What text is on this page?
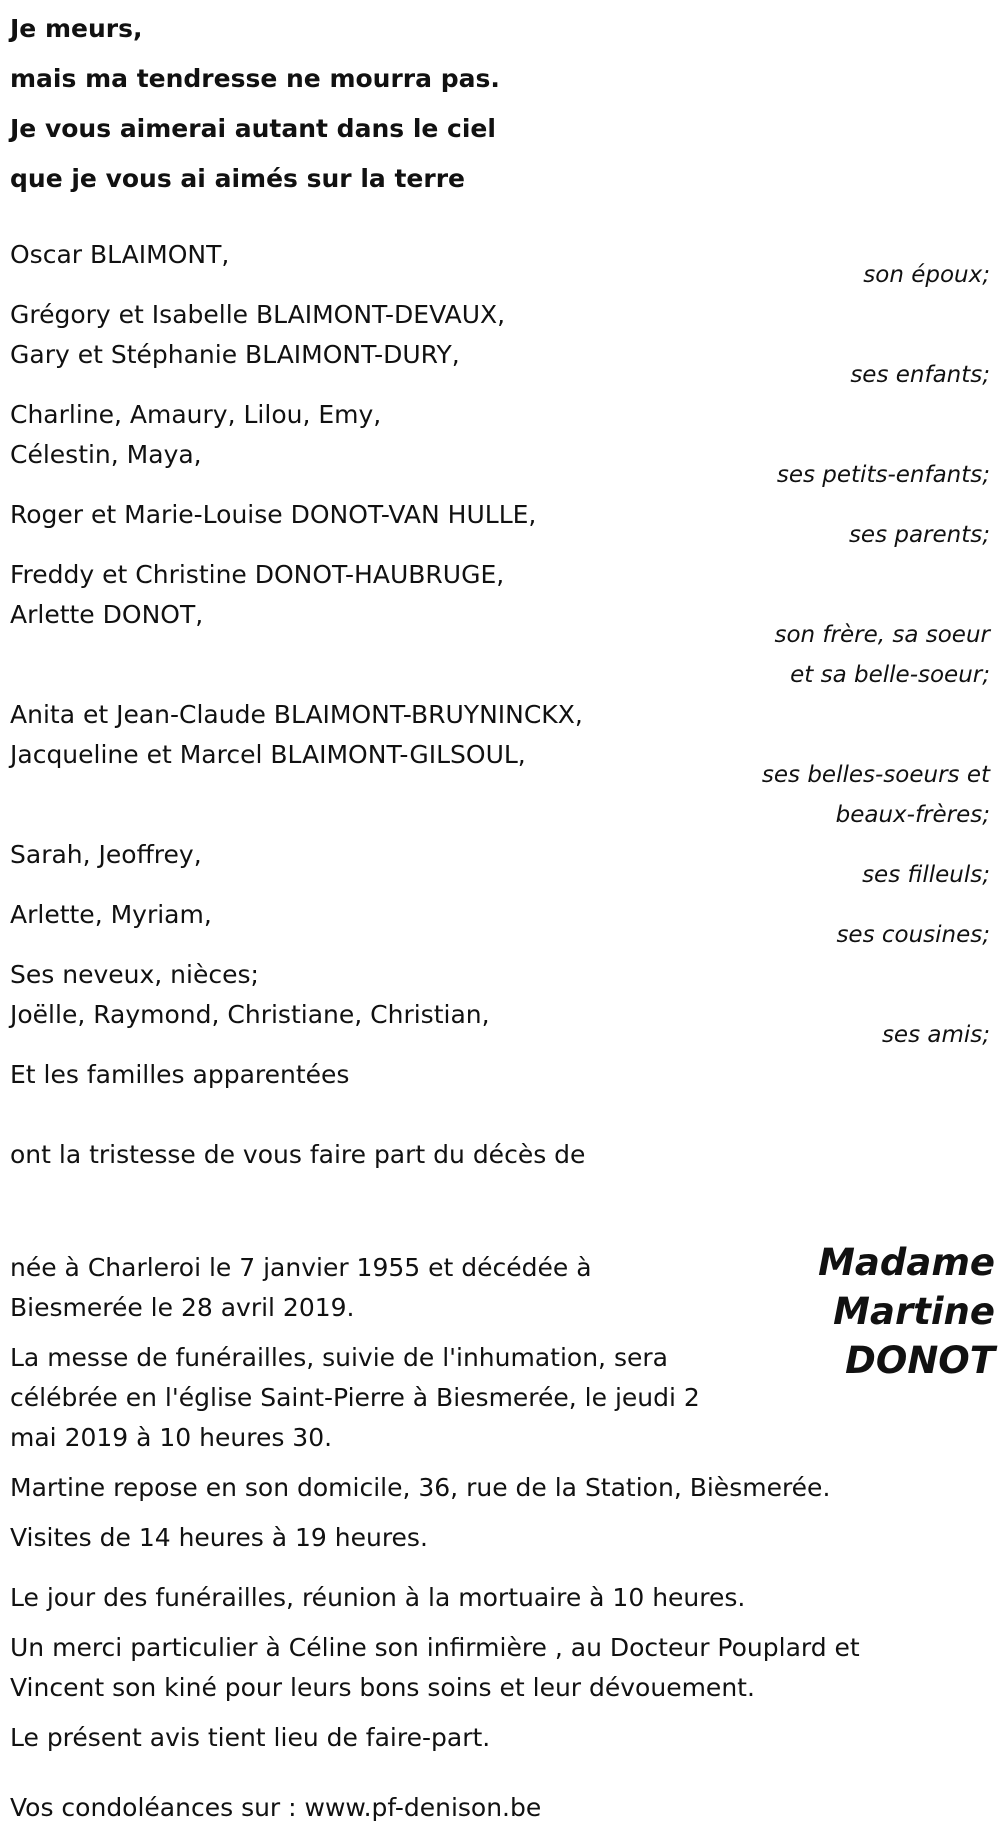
Je meurs,
mais ma tendresse ne mourra pas.
Je vous aimerai autant dans le ciel
que je vous ai aimés sur la terre
Oscar BLAIMONT,
son époux;
Grégory et Isabelle BLAIMONT-DEVAUX,
Gary et Stéphanie BLAIMONT-DURY,
ses enfants;
Charline, Amaury, Lilou, Emy,
Célestin, Maya,
ses petits-enfants;
Roger et Marie-Louise DONOT-VAN HULLE,
ses parents;
Freddy et Christine DONOT-HAUBRUGE,
Arlette DONOT,
son frère, sa soeur
et sa belle-soeur;
Anita et Jean-Claude BLAIMONT-BRUYNINCKX,
Jacqueline et Marcel BLAIMONT-GILSOUL,
ses belles-soeurs et
beaux-frères;
Sarah, Jeoffrey,
ses filleuls;
Arlette, Myriam,
ses cousines;
Ses neveux, nièces;
Joëlle, Raymond, Christiane, Christian,
ses amis;
Et les familles apparentées
ont la tristesse de vous faire part du décès de
Madame
Martine
DONOT
née à Charleroi le 7 janvier 1955 et décédée à
Biesmerée le 28 avril 2019.
La messe de funérailles, suivie de l'inhumation, sera
célébrée en l'église Saint-Pierre à Biesmerée, le jeudi 2
mai 2019 à 10 heures 30.
Martine repose en son domicile, 36, rue de la Station, Bièsmerée.
Visites de 14 heures à 19 heures.
Le jour des funérailles, réunion à la mortuaire à 10 heures.
Un merci particulier à Céline son infirmière , au Docteur Pouplard et
Vincent son kiné pour leurs bons soins et leur dévouement.
Le présent avis tient lieu de faire-part.
Vos condoléances sur : www.pf-denison.be
